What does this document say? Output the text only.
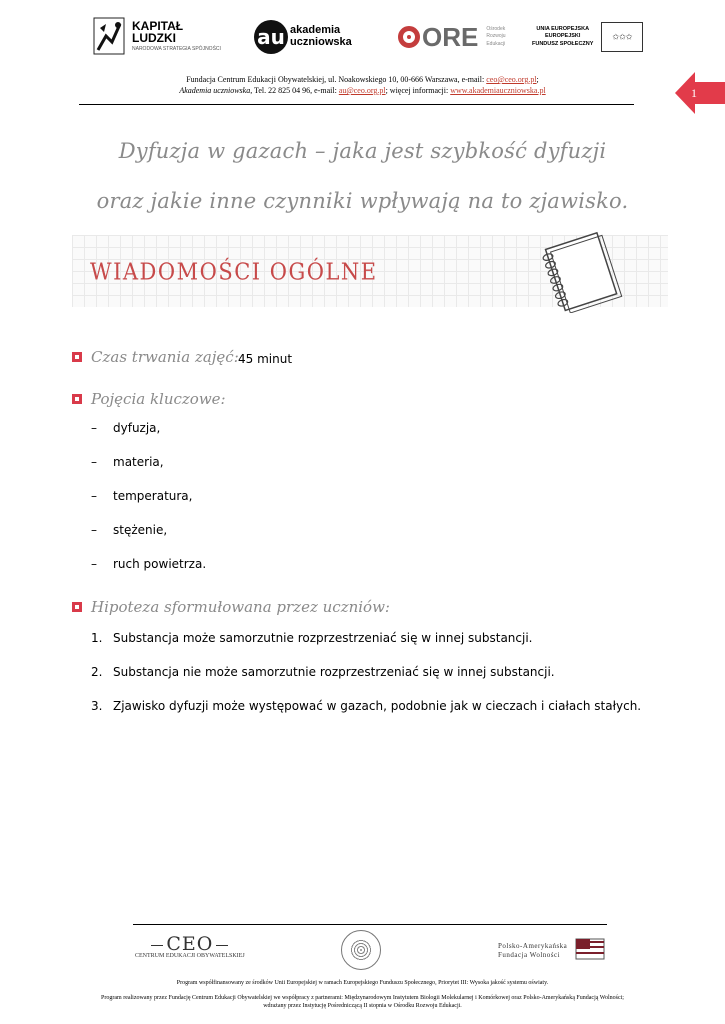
KAPITAŁ LUDZKI
NARODOWA STRATEGIA SPÓJNOŚCI au akademia
uczniowska	ORE Ośrodek
Rozwoju
Edukacji
UNIA EUROPEJSKA
EUROPEJSKI
FUNDUSZ SPOŁECZNY
✩✩✩
Fundacja Centrum Edukacji Obywatelskiej, ul. Noakowskiego 10, 00-666 Warszawa, e-mail: ceo@ceo.org.pl;
Akademia uczniowska, Tel. 22 825 04 96, e-mail: au@ceo.org.pl; więcej informacji: www.akademiauczniowska.pl	1
Dyfuzja w gazach – jaka jest szybkość dyfuzji
oraz jakie inne czynniki wpływają na to zjawisko.
WIADOMOŚCI OGÓLNE
Czas trwania zajęć: 45 minut
Pojęcia kluczowe:
– dyfuzja,
– materia,
– temperatura,
– stężenie,
– ruch powietrza.
Hipoteza sformułowana przez uczniów:
1. Substancja może samorzutnie rozprzestrzeniać się w innej substancji.
2. Substancja nie może samorzutnie rozprzestrzeniać się w innej substancji.
3. Zjawisko dyfuzji może występować w gazach, podobnie jak w cieczach i ciałach stałych.
CEO
CENTRUM EDUKACJI OBYWATELSKIEJ
Polsko-Amerykańska
Fundacja Wolności
Program współfinansowany ze środków Unii Europejskiej w ramach Europejskiego Funduszu Społecznego, Priorytet III: Wysoka jakość systemu oświaty.
Program realizowany przez Fundację Centrum Edukacji Obywatelskiej we współpracy z partnerami: Międzynarodowym Instytutem Biologii Molekularnej i Komórkowej oraz Polsko-Amerykańską Fundacją Wolności;
wdrażany przez Instytucję Pośredniczącą II stopnia w Ośrodku Rozwoju Edukacji.
